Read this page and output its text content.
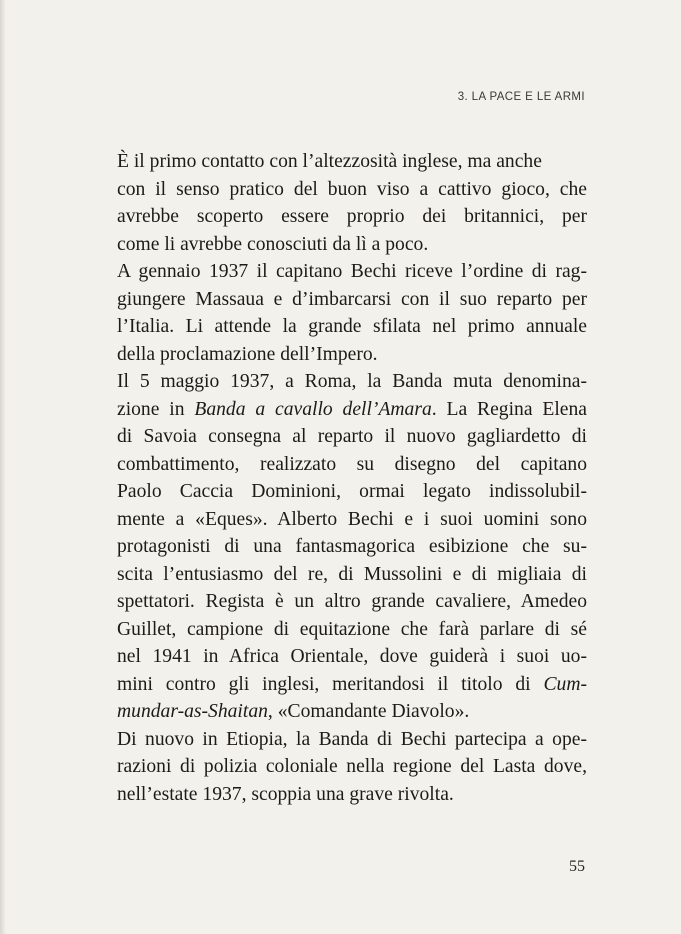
3. LA PACE E LE ARMI
È il primo contatto con l’altezzosità inglese, ma anche
con il senso pratico del buon viso a cattivo gioco, che
avrebbe scoperto essere proprio dei britannici, per
come li avrebbe conosciuti da lì a poco.
A gennaio 1937 il capitano Bechi riceve l’ordine di rag-
giungere Massaua e d’imbarcarsi con il suo reparto per
l’Italia. Li attende la grande sfilata nel primo annuale
della proclamazione dell’Impero.
Il 5 maggio 1937, a Roma, la Banda muta denomina-
zione in Banda a cavallo dell’Amara. La Regina Elena
di Savoia consegna al reparto il nuovo gagliardetto di
combattimento, realizzato su disegno del capitano
Paolo Caccia Dominioni, ormai legato indissolubil-
mente a «Eques». Alberto Bechi e i suoi uomini sono
protagonisti di una fantasmagorica esibizione che su-
scita l’entusiasmo del re, di Mussolini e di migliaia di
spettatori. Regista è un altro grande cavaliere, Amedeo
Guillet, campione di equitazione che farà parlare di sé
nel 1941 in Africa Orientale, dove guiderà i suoi uo-
mini contro gli inglesi, meritandosi il titolo di Cum-
mundar-as-Shaitan, «Comandante Diavolo».
Di nuovo in Etiopia, la Banda di Bechi partecipa a ope-
razioni di polizia coloniale nella regione del Lasta dove,
nell’estate 1937, scoppia una grave rivolta.
55
